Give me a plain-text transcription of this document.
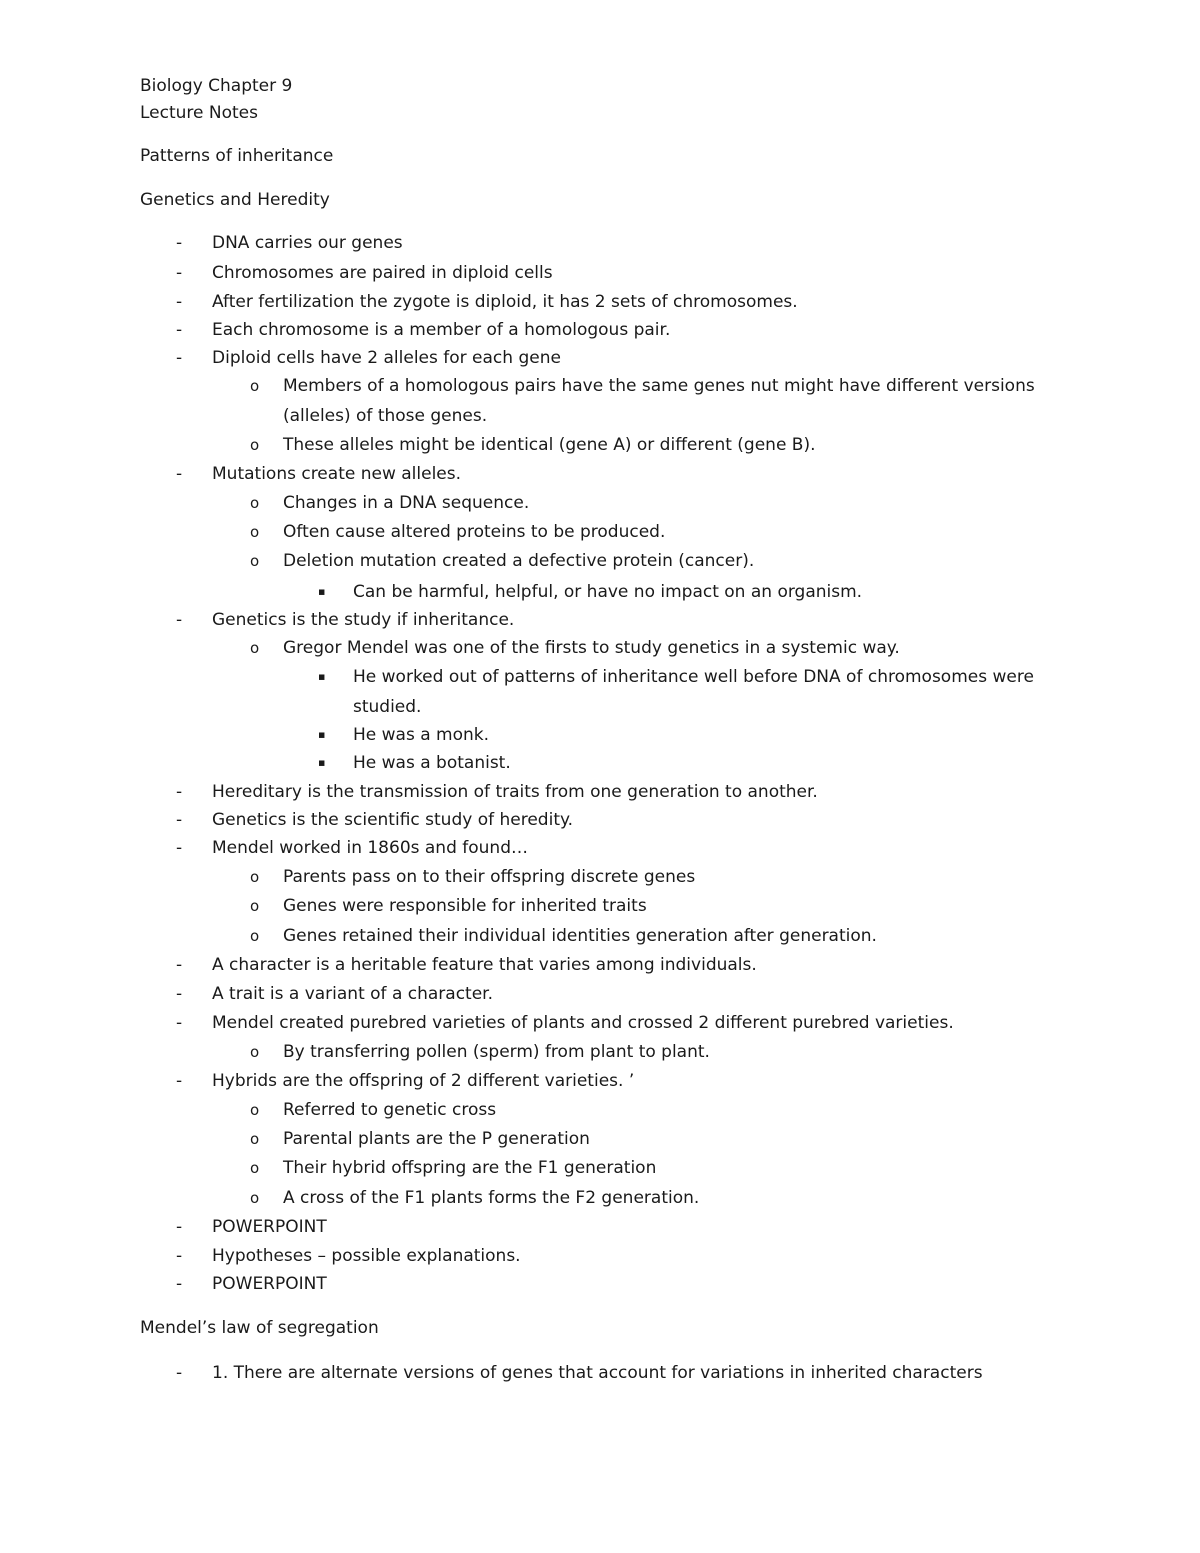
Biology Chapter 9
Lecture Notes
Patterns of inheritance
Genetics and Heredity
- DNA carries our genes
- Chromosomes are paired in diploid cells
- After fertilization the zygote is diploid, it has 2 sets of chromosomes.
- Each chromosome is a member of a homologous pair.
- Diploid cells have 2 alleles for each gene
o Members of a homologous pairs have the same genes nut might have different versions
(alleles) of those genes.
o These alleles might be identical (gene A) or different (gene B).
- Mutations create new alleles.
o Changes in a DNA sequence.
o Often cause altered proteins to be produced.
o Deletion mutation created a defective protein (cancer).
▪ Can be harmful, helpful, or have no impact on an organism.
- Genetics is the study if inheritance.
o Gregor Mendel was one of the firsts to study genetics in a systemic way.
▪ He worked out of patterns of inheritance well before DNA of chromosomes were
studied.
▪ He was a monk.
▪ He was a botanist.
- Hereditary is the transmission of traits from one generation to another.
- Genetics is the scientific study of heredity.
- Mendel worked in 1860s and found…
o Parents pass on to their offspring discrete genes
o Genes were responsible for inherited traits
o Genes retained their individual identities generation after generation.
- A character is a heritable feature that varies among individuals.
- A trait is a variant of a character.
- Mendel created purebred varieties of plants and crossed 2 different purebred varieties.
o By transferring pollen (sperm) from plant to plant.
- Hybrids are the offspring of 2 different varieties. ’
o Referred to genetic cross
o Parental plants are the P generation
o Their hybrid offspring are the F1 generation
o A cross of the F1 plants forms the F2 generation.
- POWERPOINT
- Hypotheses – possible explanations.
- POWERPOINT
- 1. There are alternate versions of genes that account for variations in inherited characters
Mendel’s law of segregation
